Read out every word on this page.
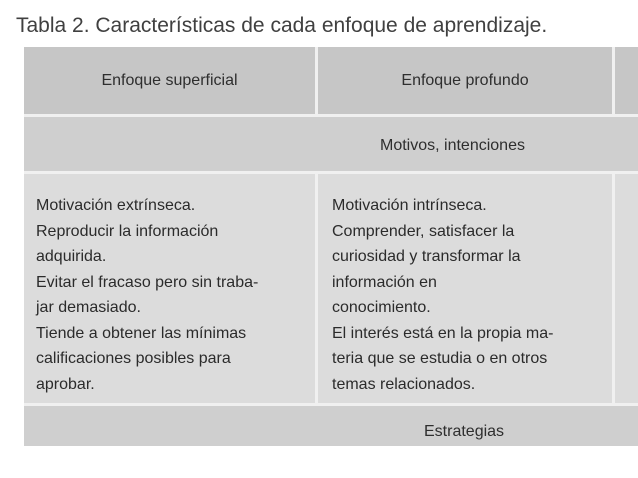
Tabla 2. Características de cada enfoque de aprendizaje.
Enfoque superficial	Enfoque profundo
Motivos, intenciones
Motivación extrínseca.
Reproducir la información
adquirida.
Evitar el fracaso pero sin traba-
jar demasiado.
Tiende a obtener las mínimas
calificaciones posibles para
aprobar.
Motivación intrínseca.
Comprender, satisfacer la
curiosidad y transformar la
información en
conocimiento.
El interés está en la propia ma-
teria que se estudia o en otros
temas relacionados.
Estrategias
